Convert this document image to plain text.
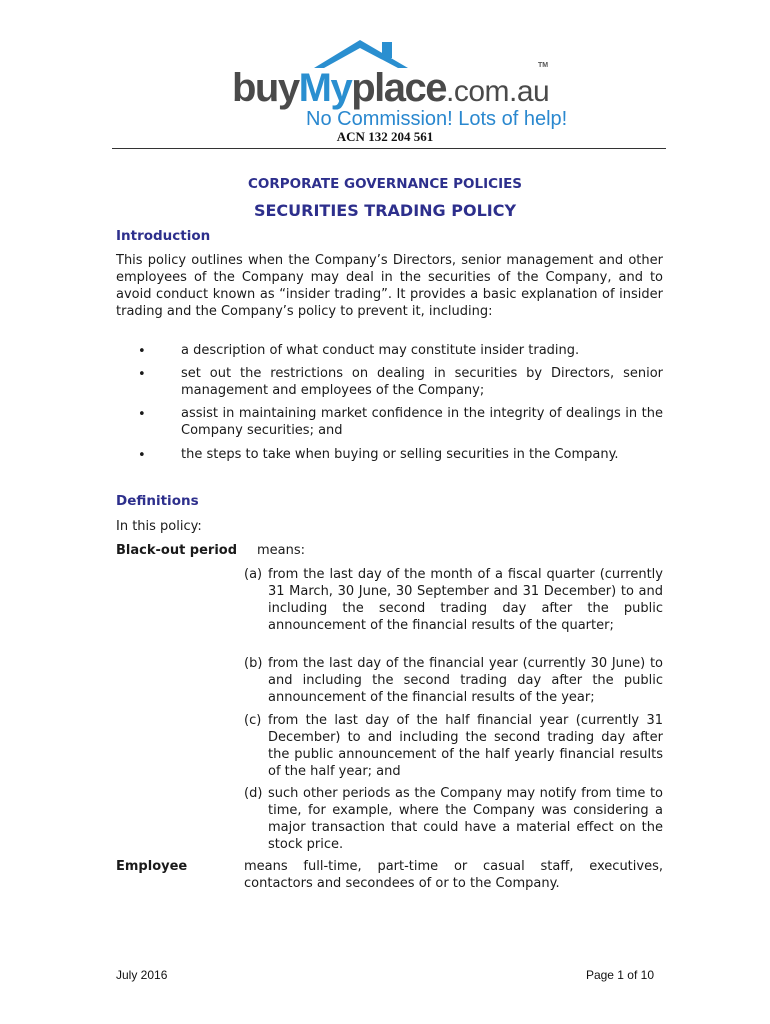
buyMyplace.com.au
TM
No Commission! Lots of help!
ACN 132 204 561
CORPORATE GOVERNANCE POLICIES
SECURITIES TRADING POLICY
Introduction
This policy outlines when the Company’s Directors, senior management and other employees of the Company may deal in the securities of the Company, and to avoid conduct known as “insider trading”. It provides a basic explanation of insider trading and the Company’s policy to prevent it, including:
•	a description of what conduct may constitute insider trading.
•	set out the restrictions on dealing in securities by Directors, senior management and employees of the Company;
•	assist in maintaining market confidence in the integrity of dealings in the Company securities; and
•	the steps to take when buying or selling securities in the Company.
Definitions
In this policy:
Black-out period means:
(a) from the last day of the month of a fiscal quarter (currently 31 March, 30 June, 30 September and 31 December) to and including the second trading day after the public announcement of the financial results of the quarter;
(b) from the last day of the financial year (currently 30 June) to and including the second trading day after the public announcement of the financial results of the year;
(c) from the last day of the half financial year (currently 31 December) to and including the second trading day after the public announcement of the half yearly financial results of the half year; and
(d) such other periods as the Company may notify from time to time, for example, where the Company was considering a major transaction that could have a material effect on the stock price.
Employee	means full-time, part-time or casual staff, executives, contactors and secondees of or to the Company.
July 2016	Page 1 of 10
